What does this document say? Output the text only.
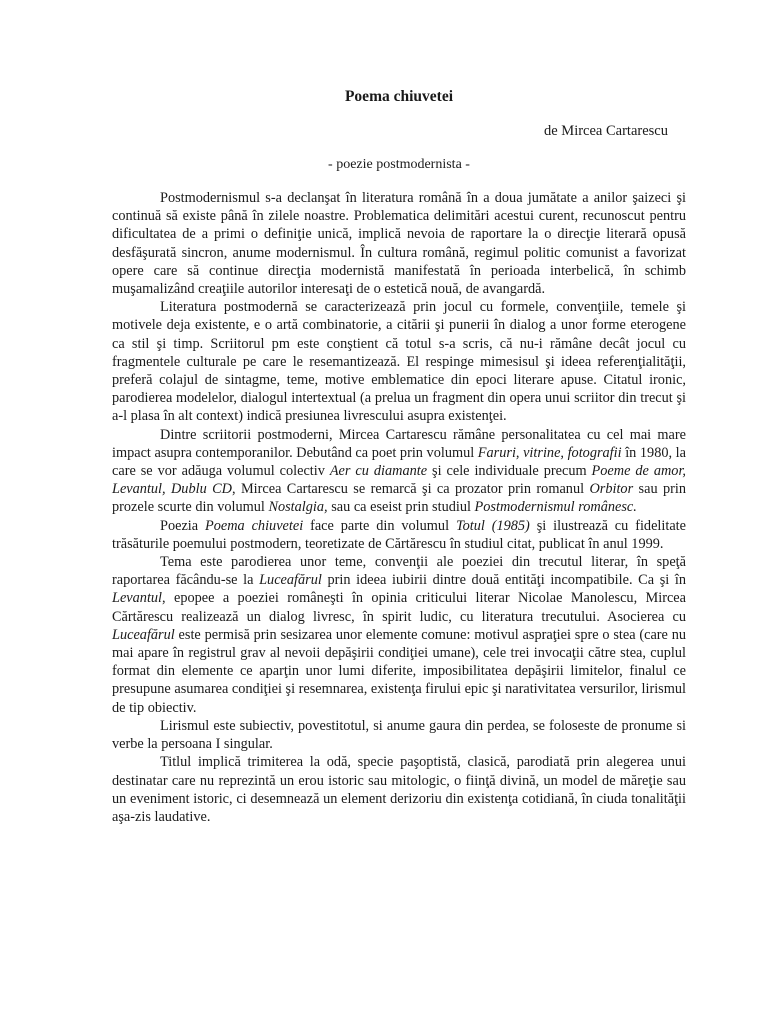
Poema chiuvetei
de Mircea Cartarescu
- poezie postmodernista -

Postmodernismul s-a declanşat în literatura română în a doua jumătate a anilor şaizeci şi continuă să existe până în zilele noastre. Problematica delimitări acestui curent, recunoscut pentru dificultatea de a primi o definiţie unică, implică nevoia de raportare la o direcţie literară opusă desfăşurată sincron, anume modernismul. În cultura română, regimul politic comunist a favorizat opere care să continue direcţia modernistă manifestată în perioada interbelică, în schimb muşamalizând creaţiile autorilor interesaţi de o estetică nouă, de avangardă.

Literatura postmodernă se caracterizează prin jocul cu formele, convenţiile, temele şi motivele deja existente, e o artă combinatorie, a citării şi punerii în dialog a unor forme eterogene ca stil şi timp. Scriitorul pm este conştient că totul s-a scris, că nu-i rămâne decât jocul cu fragmentele culturale pe care le resemantizează. El respinge mimesisul şi ideea referenţialităţii, preferă colajul de sintagme, teme, motive emblematice din epoci literare apuse. Citatul ironic, parodierea modelelor, dialogul intertextual (a prelua un fragment din opera unui scriitor din trecut şi a-l plasa în alt context) indică presiunea livrescului asupra existenţei.

Dintre scriitorii postmoderni, Mircea Cartarescu rămâne personalitatea cu cel mai mare impact asupra contemporanilor. Debutând ca poet prin volumul Faruri, vitrine, fotografii în 1980, la care se vor adăuga volumul colectiv Aer cu diamante şi cele individuale precum Poeme de amor, Levantul, Dublu CD, Mircea Cartarescu se remarcă şi ca prozator prin romanul Orbitor sau prin prozele scurte din volumul Nostalgia, sau ca eseist prin studiul Postmodernismul românesc.

Poezia Poema chiuvetei face parte din volumul Totul (1985) şi ilustrează cu fidelitate trăsăturile poemului postmodern, teoretizate de Cărtărescu în studiul citat, publicat în anul 1999.

Tema este parodierea unor teme, convenţii ale poeziei din trecutul literar, în speţă raportarea făcându-se la Luceafărul prin ideea iubirii dintre două entităţi incompatibile. Ca şi în Levantul, epopee a poeziei româneşti în opinia criticului literar Nicolae Manolescu, Mircea Cărtărescu realizează un dialog livresc, în spirit ludic, cu literatura trecutului. Asocierea cu Luceafărul este permisă prin sesizarea unor elemente comune: motivul aspraţiei spre o stea (care nu mai apare în registrul grav al nevoii depăşirii condiţiei umane), cele trei invocaţii către stea, cuplul format din elemente ce aparţin unor lumi diferite, imposibilitatea depăşirii limitelor, finalul ce presupune asumarea condiţiei şi resemnarea, existenţa firului epic şi narativitatea versurilor, lirismul de tip obiectiv.

Lirismul este subiectiv, povestitotul, si anume gaura din perdea, se foloseste de pronume si verbe la persoana I singular.

Titlul implică trimiterea la odă, specie paşoptistă, clasică, parodiată prin alegerea unui destinatar care nu reprezintă un erou istoric sau mitologic, o fiinţă divină, un model de măreţie sau un eveniment istoric, ci desemnează un element derizoriu din existenţa cotidiană, în ciuda tonalităţii aşa-zis laudative.
